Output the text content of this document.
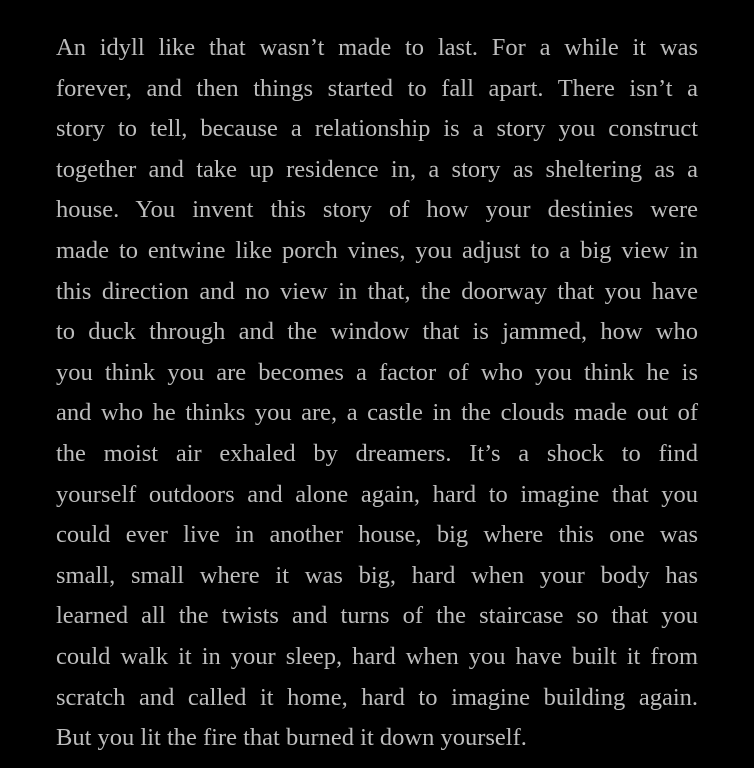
An idyll like that wasn’t made to last. For a while it was
forever, and then things started to fall apart. There isn’t a
story to tell, because a relationship is a story you construct
together and take up residence in, a story as sheltering as a
house. You invent this story of how your destinies were
made to entwine like porch vines, you adjust to a big view in
this direction and no view in that, the doorway that you have
to duck through and the window that is jammed, how who
you think you are becomes a factor of who you think he is
and who he thinks you are, a castle in the clouds made out of
the moist air exhaled by dreamers. It’s a shock to find
yourself outdoors and alone again, hard to imagine that you
could ever live in another house, big where this one was
small, small where it was big, hard when your body has
learned all the twists and turns of the staircase so that you
could walk it in your sleep, hard when you have built it from
scratch and called it home, hard to imagine building again.
But you lit the fire that burned it down yourself.
